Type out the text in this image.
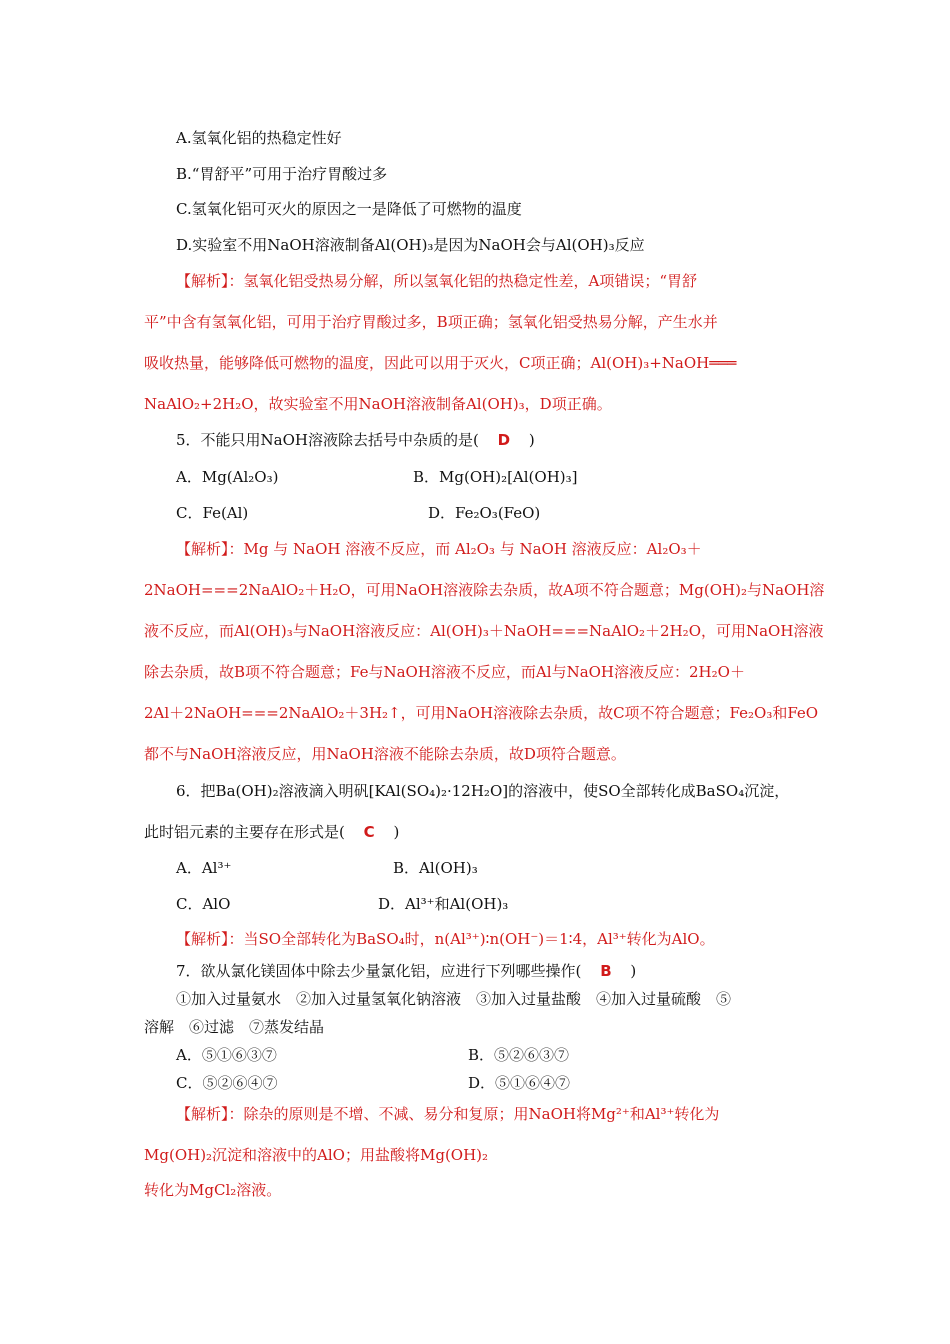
A.氢氧化铝的热稳定性好
B.“胃舒平”可用于治疗胃酸过多
C.氢氧化铝可灭火的原因之一是降低了可燃物的温度
D.实验室不用NaOH溶液制备Al(OH)₃是因为NaOH会与Al(OH)₃反应
【解析】：氢氧化铝受热易分解，所以氢氧化铝的热稳定性差，A项错误；“胃舒
平”中含有氢氧化铝，可用于治疗胃酸过多，B项正确；氢氧化铝受热易分解，产生水并
吸收热量，能够降低可燃物的温度，因此可以用于灭火，C项正确；Al(OH)₃+NaOH═══
NaAlO₂+2H₂O，故实验室不用NaOH溶液制备Al(OH)₃，D项正确。
5．不能只用NaOH溶液除去括号中杂质的是( D )
A．Mg(Al₂O₃)	B．Mg(OH)₂[Al(OH)₃]
C．Fe(Al)	D．Fe₂O₃(FeO)
【解析】：Mg 与 NaOH 溶液不反应，而 Al₂O₃ 与 NaOH 溶液反应：Al₂O₃＋
2NaOH===2NaAlO₂＋H₂O，可用NaOH溶液除去杂质，故A项不符合题意；Mg(OH)₂与NaOH溶
液不反应，而Al(OH)₃与NaOH溶液反应：Al(OH)₃＋NaOH===NaAlO₂＋2H₂O，可用NaOH溶液
除去杂质，故B项不符合题意；Fe与NaOH溶液不反应，而Al与NaOH溶液反应：2H₂O＋
2Al＋2NaOH===2NaAlO₂＋3H₂↑，可用NaOH溶液除去杂质，故C项不符合题意；Fe₂O₃和FeO
都不与NaOH溶液反应，用NaOH溶液不能除去杂质，故D项符合题意。
6．把Ba(OH)₂溶液滴入明矾[KAl(SO₄)₂·12H₂O]的溶液中，使SO全部转化成BaSO₄沉淀，
此时铝元素的主要存在形式是( C )
A．Al³⁺	B．Al(OH)₃
C．AlO	D．Al³⁺和Al(OH)₃
【解析】：当SO全部转化为BaSO₄时，n(Al³⁺)∶n(OH⁻)＝1∶4，Al³⁺转化为AlO。
7．欲从氯化镁固体中除去少量氯化铝，应进行下列哪些操作( B )
①加入过量氨水　②加入过量氢氧化钠溶液　③加入过量盐酸　④加入过量硫酸　⑤
溶解　⑥过滤　⑦蒸发结晶
A．⑤①⑥③⑦	B．⑤②⑥③⑦
C．⑤②⑥④⑦	D．⑤①⑥④⑦
【解析】：除杂的原则是不增、不减、易分和复原；用NaOH将Mg²⁺和Al³⁺转化为
Mg(OH)₂沉淀和溶液中的AlO；用盐酸将Mg(OH)₂
转化为MgCl₂溶液。
